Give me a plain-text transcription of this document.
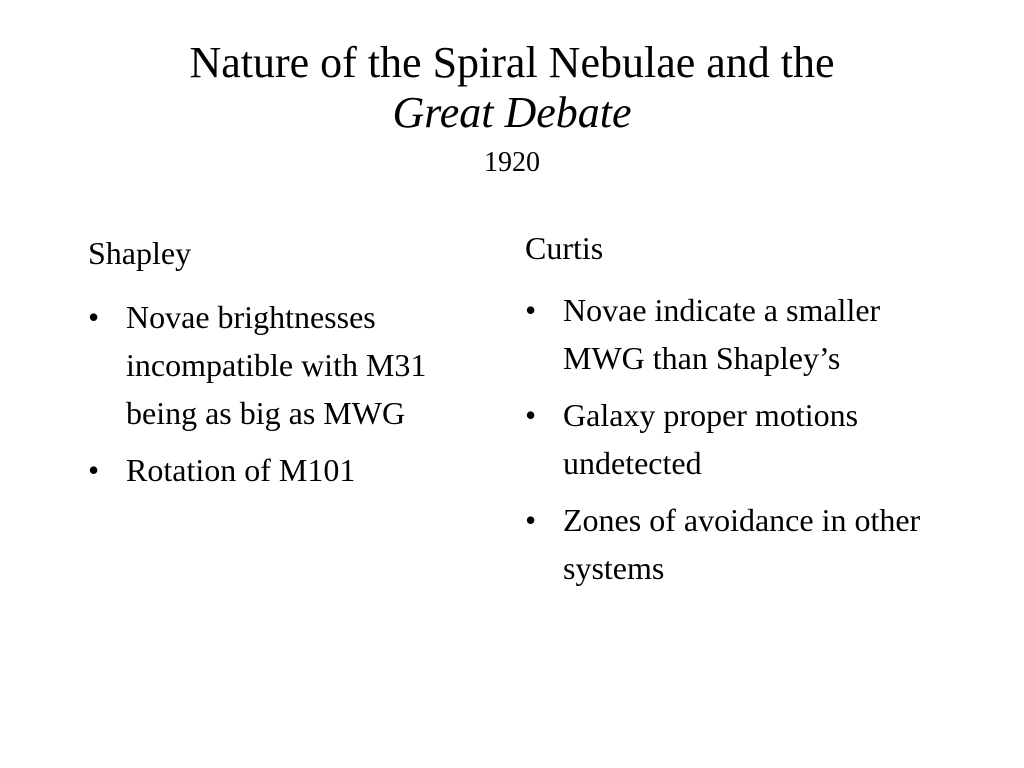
Nature of the Spiral Nebulae and the
Great Debate
1920
Shapley
• Novae brightnesses incompatible with M31 being as big as MWG
• Rotation of M101
Curtis
• Novae indicate a smaller MWG than Shapley’s
• Galaxy proper motions undetected
• Zones of avoidance in other systems
